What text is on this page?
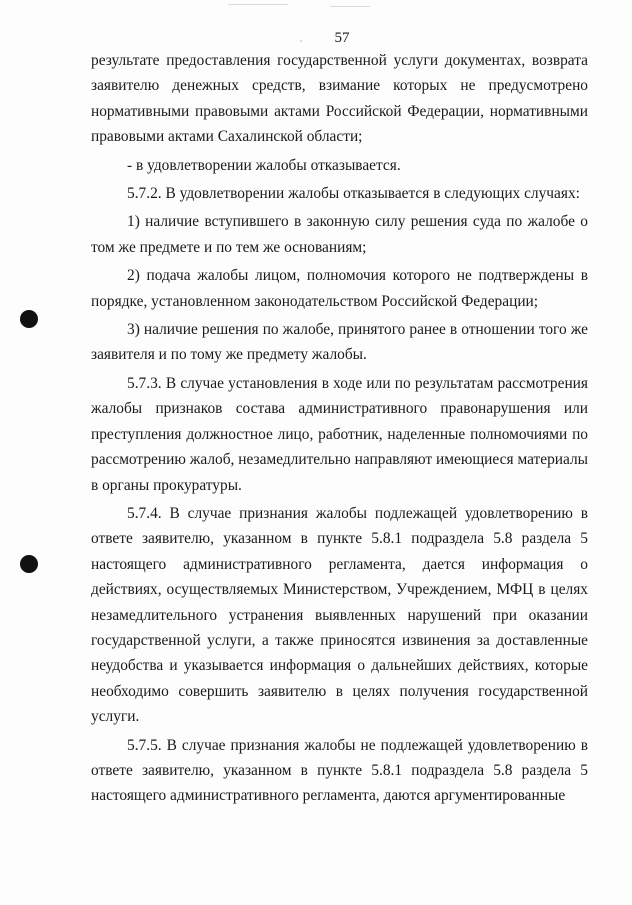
57

результате предоставления государственной услуги документах, возврата заявителю денежных средств, взимание которых не предусмотрено нормативными правовыми актами Российской Федерации, нормативными правовыми актами Сахалинской области;

- в удовлетворении жалобы отказывается.

5.7.2. В удовлетворении жалобы отказывается в следующих случаях:

1) наличие вступившего в законную силу решения суда по жалобе о том же предмете и по тем же основаниям;

2) подача жалобы лицом, полномочия которого не подтверждены в порядке, установленном законодательством Российской Федерации;

3) наличие решения по жалобе, принятого ранее в отношении того же заявителя и по тому же предмету жалобы.

5.7.3. В случае установления в ходе или по результатам рассмотрения жалобы признаков состава административного правонарушения или преступления должностное лицо, работник, наделенные полномочиями по рассмотрению жалоб, незамедлительно направляют имеющиеся материалы в органы прокуратуры.

5.7.4. В случае признания жалобы подлежащей удовлетворению в ответе заявителю, указанном в пункте 5.8.1 подраздела 5.8 раздела 5 настоящего административного регламента, дается информация о действиях, осуществляемых Министерством, Учреждением, МФЦ в целях незамедлительного устранения выявленных нарушений при оказании государственной услуги, а также приносятся извинения за доставленные неудобства и указывается информация о дальнейших действиях, которые необходимо совершить заявителю в целях получения государственной услуги.

5.7.5. В случае признания жалобы не подлежащей удовлетворению в ответе заявителю, указанном в пункте 5.8.1 подраздела 5.8 раздела 5 настоящего административного регламента, даются аргументированные
